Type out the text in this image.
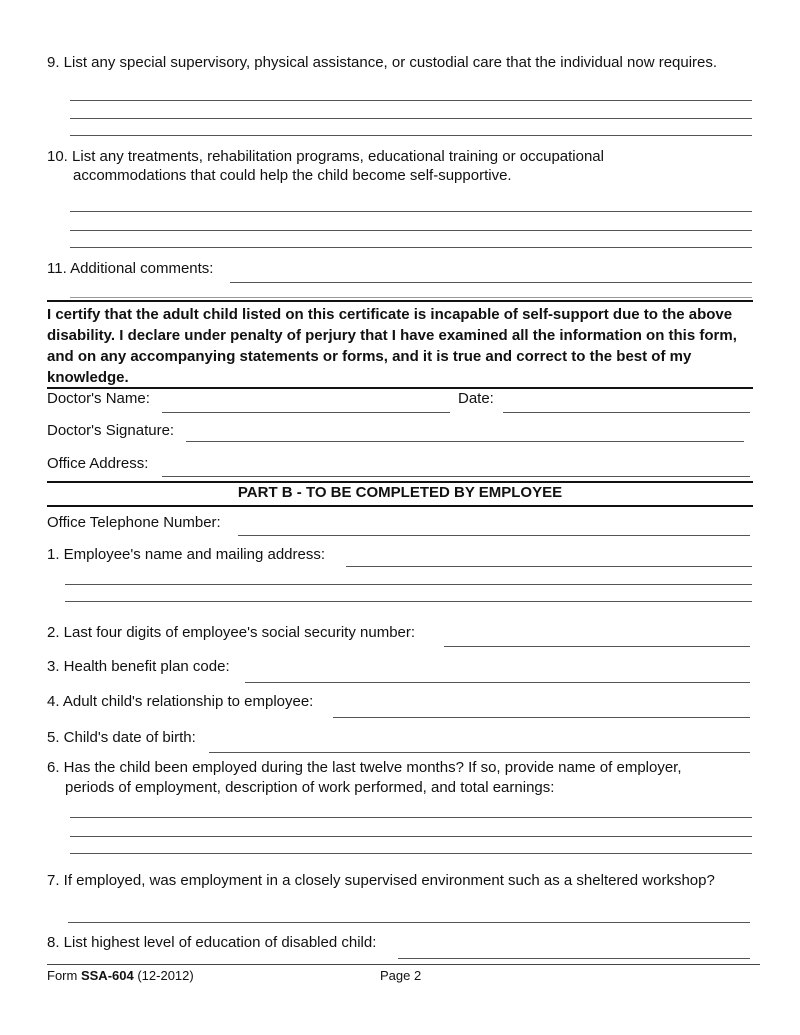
9. List any special supervisory, physical assistance, or custodial care that the individual now requires.
10. List any treatments, rehabilitation programs, educational training or occupational
accommodations that could help the child become self-supportive.
11. Additional comments:
I certify that the adult child listed on this certificate is incapable of self-support due to the above disability. I declare under penalty of perjury that I have examined all the information on this form, and on any accompanying statements or forms, and it is true and correct to the best of my knowledge.
Doctor's Name:	Date:
Doctor's Signature:
Office Address:
PART B - TO BE COMPLETED BY EMPLOYEE
Office Telephone Number:
1. Employee's name and mailing address:
2. Last four digits of employee's social security number:
3. Health benefit plan code:
4. Adult child's relationship to employee:
5. Child's date of birth:
6. Has the child been employed during the last twelve months? If so, provide name of employer,
periods of employment, description of work performed, and total earnings:
7. If employed, was employment in a closely supervised environment such as a sheltered workshop?
8. List highest level of education of disabled child:
Form SSA-604 (12-2012)	Page 2
